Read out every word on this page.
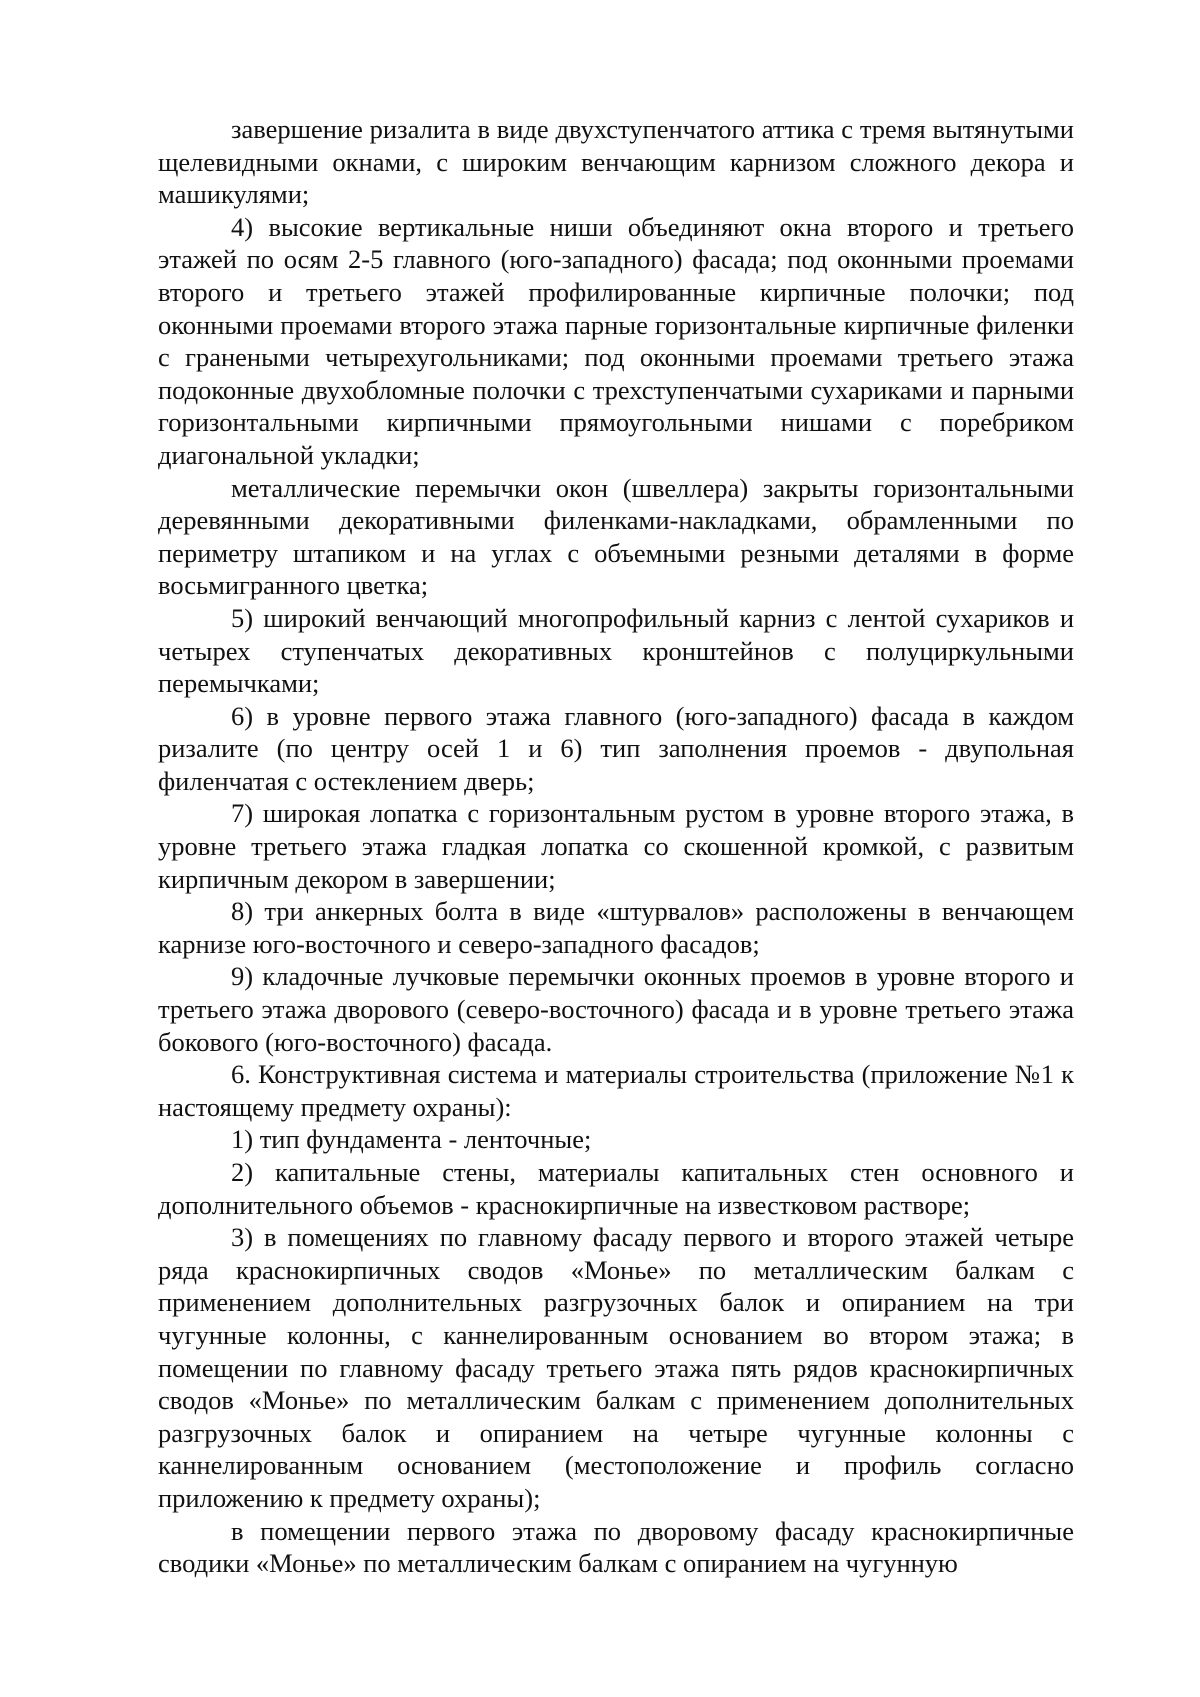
завершение ризалита в виде двухступенчатого аттика с тремя вытянутыми щелевидными окнами, с широким венчающим карнизом сложного декора и машикулями;

4) высокие вертикальные ниши объединяют окна второго и третьего этажей по осям 2-5 главного (юго-западного) фасада; под оконными проемами второго и третьего этажей профилированные кирпичные полочки; под оконными проемами второго этажа парные горизонтальные кирпичные филенки с гранеными четырехугольниками; под оконными проемами третьего этажа подоконные двухобломные полочки с трехступенчатыми сухариками и парными горизонтальными кирпичными прямоугольными нишами с поребриком диагональной укладки;

металлические перемычки окон (швеллера) закрыты горизонтальными деревянными декоративными филенками-накладками, обрамленными по периметру штапиком и на углах с объемными резными деталями в форме восьмигранного цветка;

5) широкий венчающий многопрофильный карниз с лентой сухариков и четырех ступенчатых декоративных кронштейнов с полуциркульными перемычками;

6) в уровне первого этажа главного (юго-западного) фасада в каждом ризалите (по центру осей 1 и 6) тип заполнения проемов - двупольная филенчатая с остеклением дверь;

7) широкая лопатка с горизонтальным рустом в уровне второго этажа, в уровне третьего этажа гладкая лопатка со скошенной кромкой, с развитым кирпичным декором в завершении;

8) три анкерных болта в виде «штурвалов» расположены в венчающем карнизе юго-восточного и северо-западного фасадов;

9) кладочные лучковые перемычки оконных проемов в уровне второго и третьего этажа дворового (северо-восточного) фасада и в уровне третьего этажа бокового (юго-восточного) фасада.

6. Конструктивная система и материалы строительства (приложение №1 к настоящему предмету охраны):

1) тип фундамента - ленточные;

2) капитальные стены, материалы капитальных стен основного и дополнительного объемов - краснокирпичные на известковом растворе;

3) в помещениях по главному фасаду первого и второго этажей четыре ряда краснокирпичных сводов «Монье» по металлическим балкам с применением дополнительных разгрузочных балок и опиранием на три чугунные колонны, с каннелированным основанием во втором этажа; в помещении по главному фасаду третьего этажа пять рядов краснокирпичных сводов «Монье» по металлическим балкам с применением дополнительных разгрузочных балок и опиранием на четыре чугунные колонны с каннелированным основанием (местоположение и профиль согласно приложению к предмету охраны);

в помещении первого этажа по дворовому фасаду краснокирпичные сводики «Монье» по металлическим балкам с опиранием на чугунную
